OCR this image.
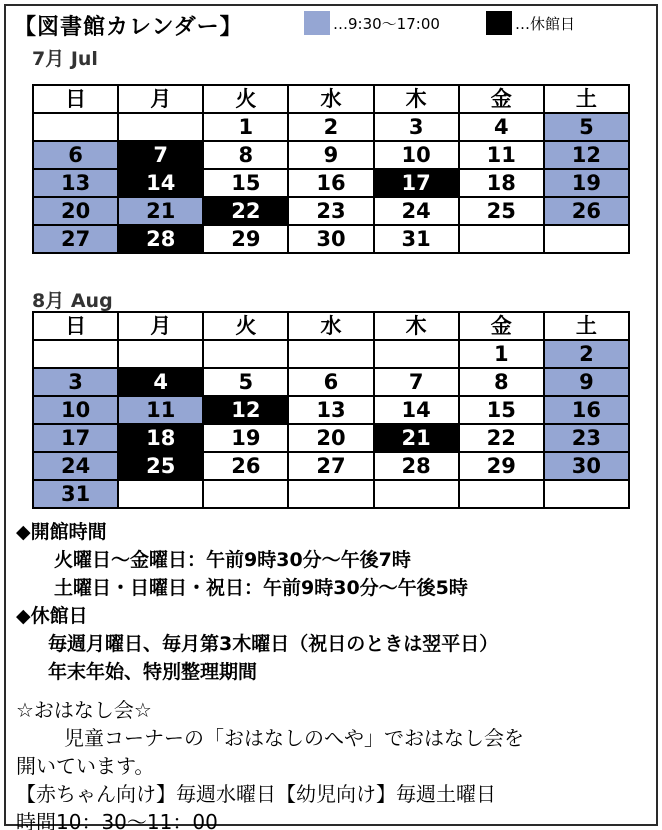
【図書館カレンダー】	…9:30〜17:00	…休館日
7月 Jul
日	月	火	水	木	金	土
		1	2	3	4	5
6	7	8	9	10	11	12
13	14	15	16	17	18	19
20	21	22	23	24	25	26
27	28	29	30	31		
8月 Aug
日	月	火	水	木	金	土
					1	2
3	4	5	6	7	8	9
10	11	12	13	14	15	16
17	18	19	20	21	22	23
24	25	26	27	28	29	30
31						
◆開館時間
火曜日〜金曜日：午前9時30分〜午後7時
土曜日・日曜日・祝日：午前9時30分〜午後5時
◆休館日
毎週月曜日、毎月第3木曜日（祝日のときは翌平日）
年末年始、特別整理期間
☆おはなし会☆
児童コーナーの「おはなしのへや」でおはなし会を
開いています。
【赤ちゃん向け】毎週水曜日【幼児向け】毎週土曜日
時間10：30〜11：00
